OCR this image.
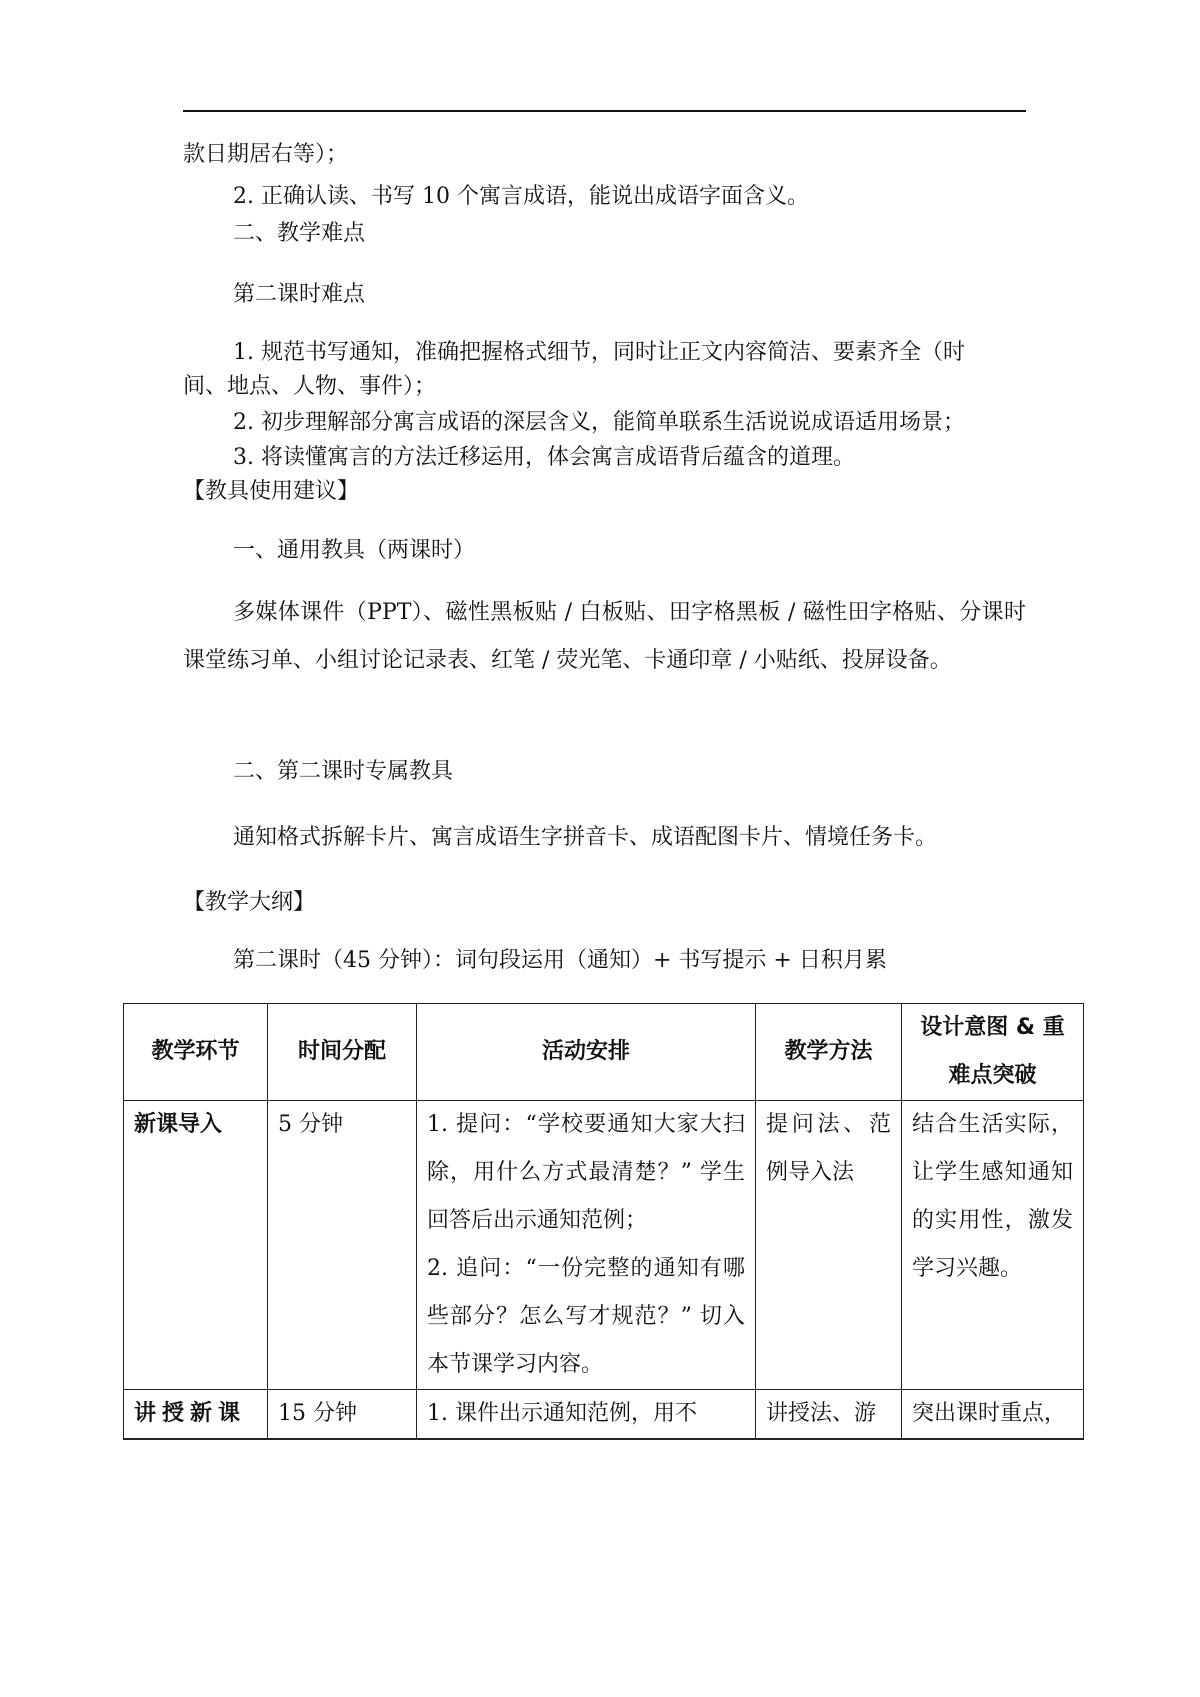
款日期居右等）；
2. 正确认读、书写 10 个寓言成语，能说出成语字面含义。
二、教学难点
第二课时难点
1. 规范书写通知，准确把握格式细节，同时让正文内容简洁、要素齐全（时
间、地点、人物、事件）；
2. 初步理解部分寓言成语的深层含义，能简单联系生活说说成语适用场景；
3. 将读懂寓言的方法迁移运用，体会寓言成语背后蕴含的道理。
【教具使用建议】
一、通用教具（两课时）
多媒体课件（PPT）、磁性黑板贴 / 白板贴、田字格黑板 / 磁性田字格贴、分课时课堂练习单、小组讨论记录表、红笔 / 荧光笔、卡通印章 / 小贴纸、投屏设备。
二、第二课时专属教具
通知格式拆解卡片、寓言成语生字拼音卡、成语配图卡片、情境任务卡。
【教学大纲】
第二课时（45 分钟）：词句段运用（通知）+ 书写提示 + 日积月累
教学环节	时间分配	活动安排	教学方法	设计意图 & 重难点突破
新课导入	5 分钟	1. 提问：“学校要通知大家大扫除，用什么方式最清楚？” 学生回答后出示通知范例；
2. 追问：“一份完整的通知有哪些部分？怎么写才规范？” 切入本节课学习内容。	提问法、范例导入法	结合生活实际，让学生感知通知的实用性，激发学习兴趣。
讲授新课	15 分钟	1. 课件出示通知范例，用不	讲授法、游	突出课时重点，
